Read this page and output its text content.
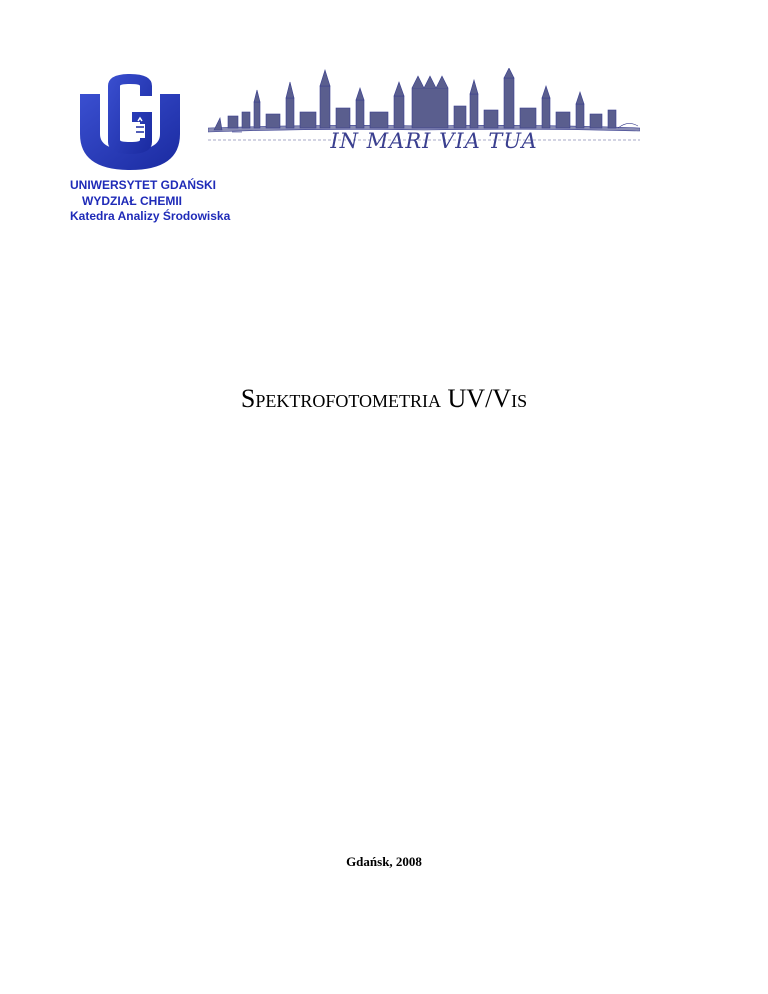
IN MARI VIA TUA
UNIWERSYTET GDAŃSKI
WYDZIAŁ CHEMII
Katedra Analizy Środowiska
SPEKTROFOTOMETRIA UV/VIS
Gdańsk, 2008
